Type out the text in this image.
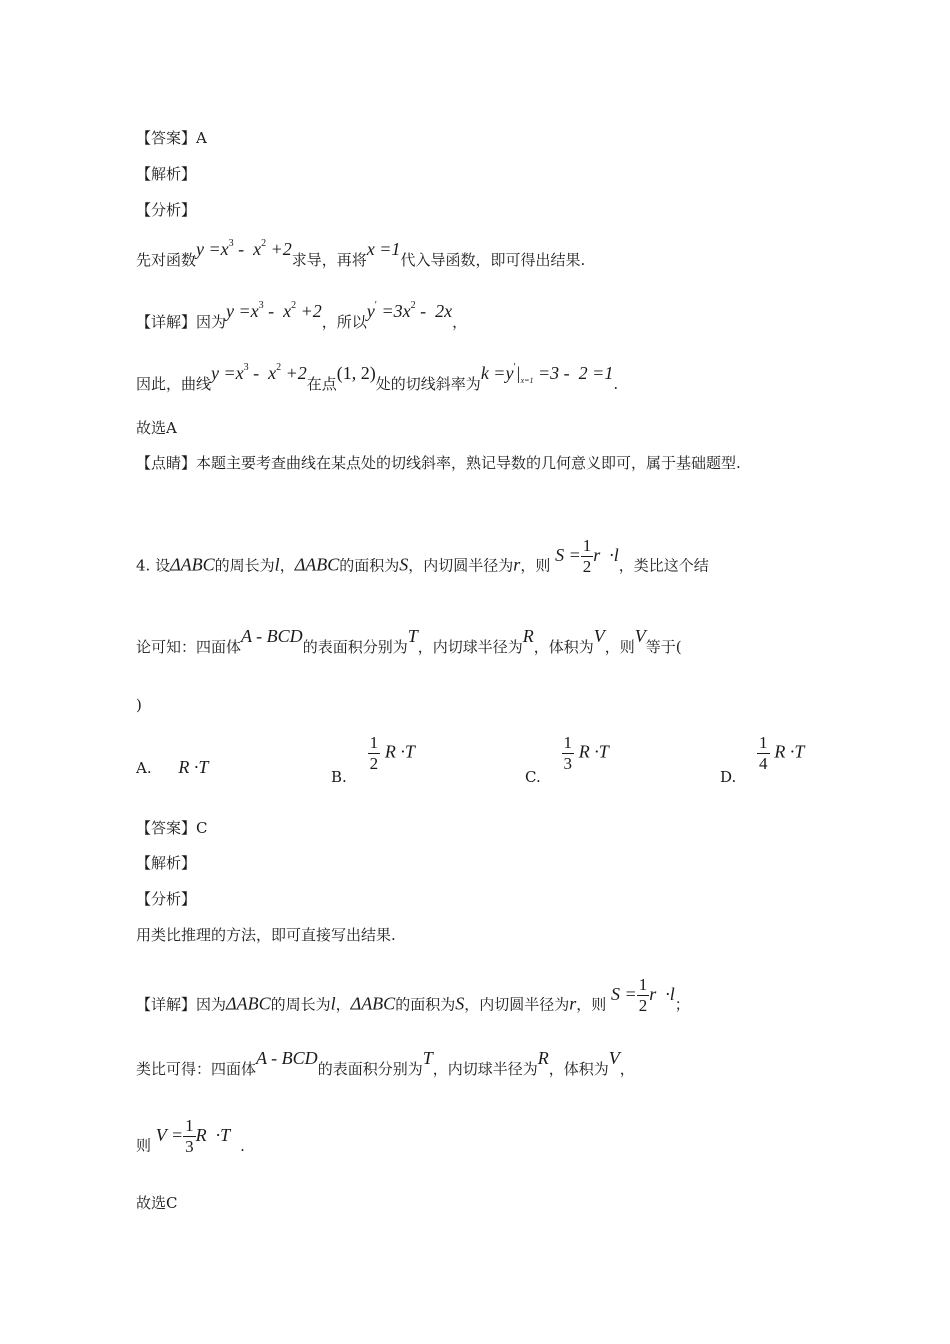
【答案】A
【解析】
【分析】
先对函数$y =x^3 - x^2 +2$求导，再将x =1代入导函数，即可得出结果.
【详解】因为$y =x^3 - x^2 +2$，所以$y' =3x^2 - 2x$，
因此，曲线$y =x^3 - x^2 +2$在点(1, 2)处的切线斜率为$k =y'|_{x=1} =3 - 2 =1$.
故选A
【点睛】本题主要考查曲线在某点处的切线斜率，熟记导数的几何意义即可，属于基础题型.
4. 设ΔABC的周长为l，ΔABC的面积为S，内切圆半径为r，则 $S = \frac{1}{2}$ r  ·l，类比这个结
论可知：四面体A - BCD的表面积分别为T，内切球半径为R，体积为V，则V等于(
)
A. R ·T	B.
$\frac{1}{2}$ R ·T
C.
$\frac{1}{3}$ R ·T
D.
$\frac{1}{4}$ R ·T
【答案】C
【解析】
【分析】
用类比推理的方法，即可直接写出结果.
【详解】因为ΔABC的周长为l，ΔABC的面积为S，内切圆半径为r，则 $S = \frac{1}{2}$ r  ·l；
类比可得：四面体A - BCD的表面积分别为T，内切球半径为R，体积为V，
则 $V = \frac{1}{3}$ R  ·T.
故选C
